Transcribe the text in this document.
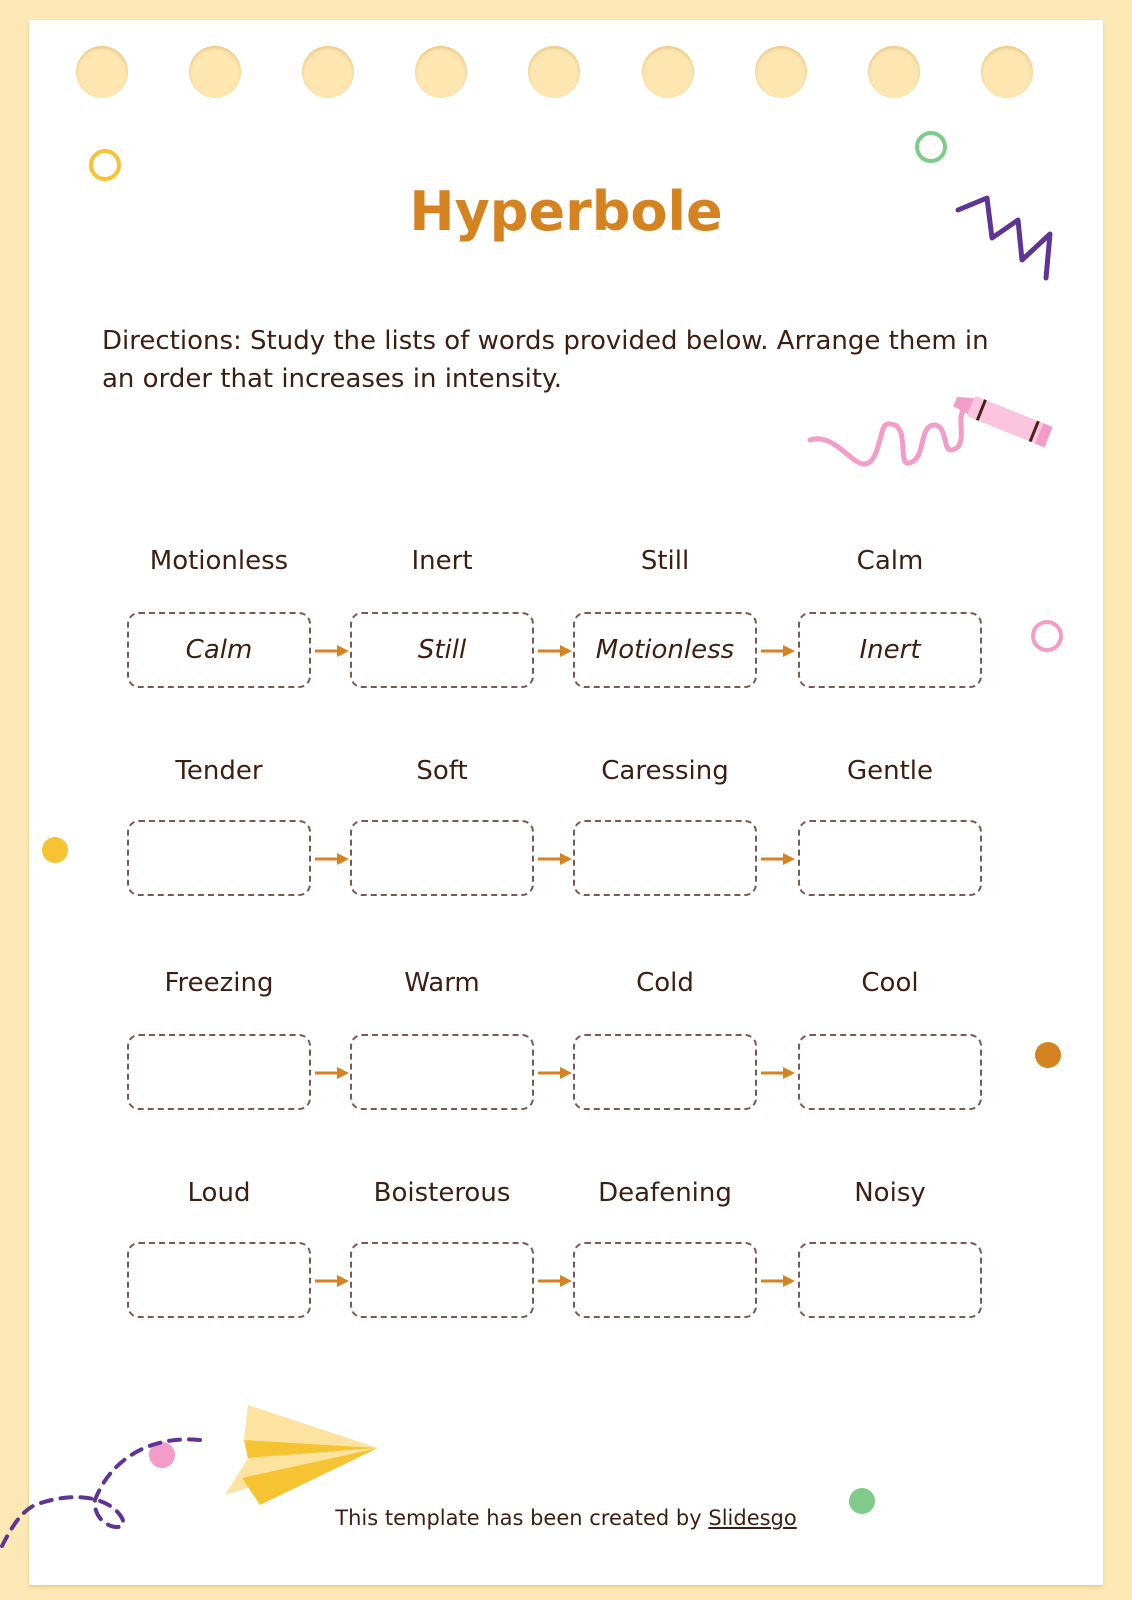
Hyperbole
Directions: Study the lists of words provided below. Arrange them in an order that increases in intensity.
Motionless	Inert	Still	Calm
Calm	Still	Motionless	Inert
Tender	Soft	Caressing	Gentle
Freezing	Warm	Cold	Cool
Loud	Boisterous	Deafening	Noisy
This template has been created by Slidesgo
